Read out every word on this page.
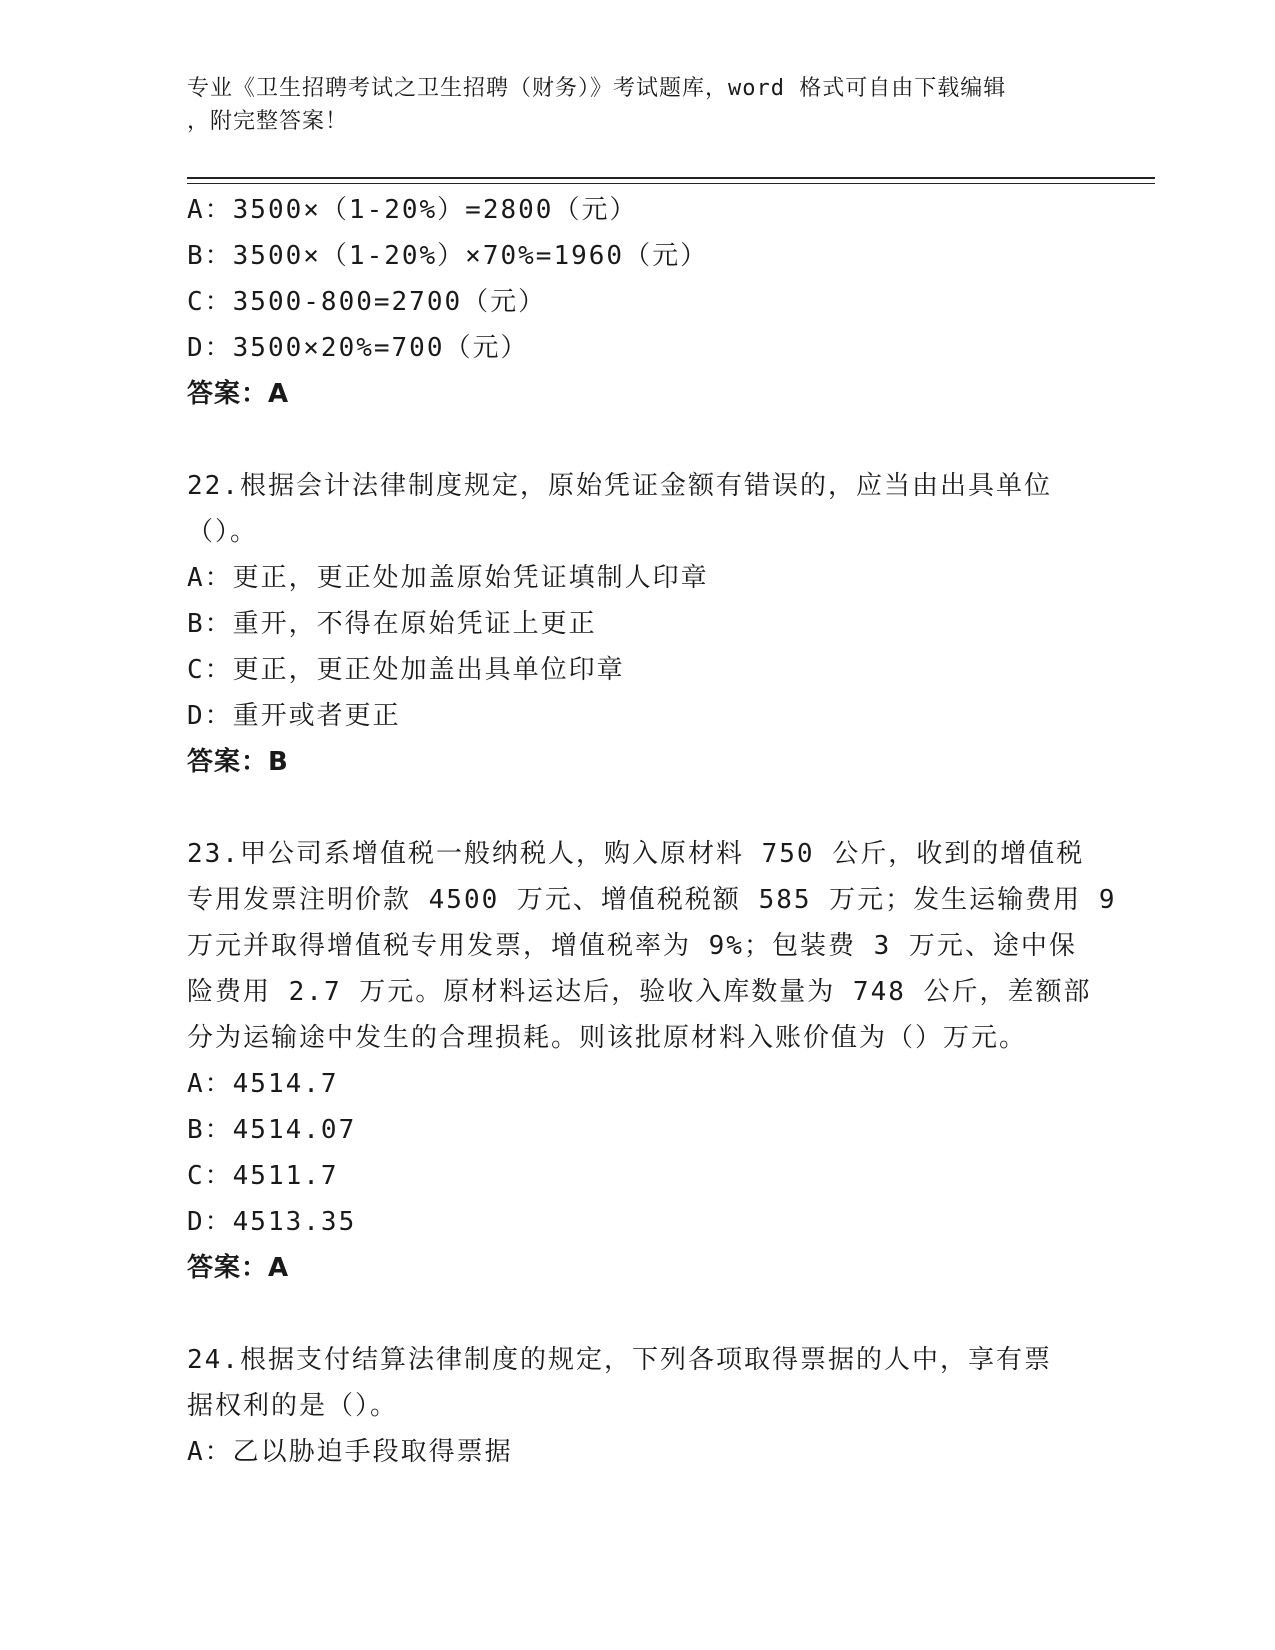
专业《卫生招聘考试之卫生招聘（财务）》考试题库，word 格式可自由下载编辑
，附完整答案！
A：3500×（1-20%）=2800（元）
B：3500×（1-20%）×70%=1960（元）
C：3500-800=2700（元）
D：3500×20%=700（元）
答案：A
22.根据会计法律制度规定，原始凭证金额有错误的，应当由出具单位
（）。
A：更正，更正处加盖原始凭证填制人印章
B：重开，不得在原始凭证上更正
C：更正，更正处加盖出具单位印章
D：重开或者更正
答案：B
23.甲公司系增值税一般纳税人，购入原材料 750 公斤，收到的增值税
专用发票注明价款 4500 万元、增值税税额 585 万元；发生运输费用 9
万元并取得增值税专用发票，增值税率为 9%；包装费 3 万元、途中保
险费用 2.7 万元。原材料运达后，验收入库数量为 748 公斤，差额部
分为运输途中发生的合理损耗。则该批原材料入账价值为（）万元。
A：4514.7
B：4514.07
C：4511.7
D：4513.35
答案：A
24.根据支付结算法律制度的规定，下列各项取得票据的人中，享有票
据权利的是（）。
A：乙以胁迫手段取得票据
